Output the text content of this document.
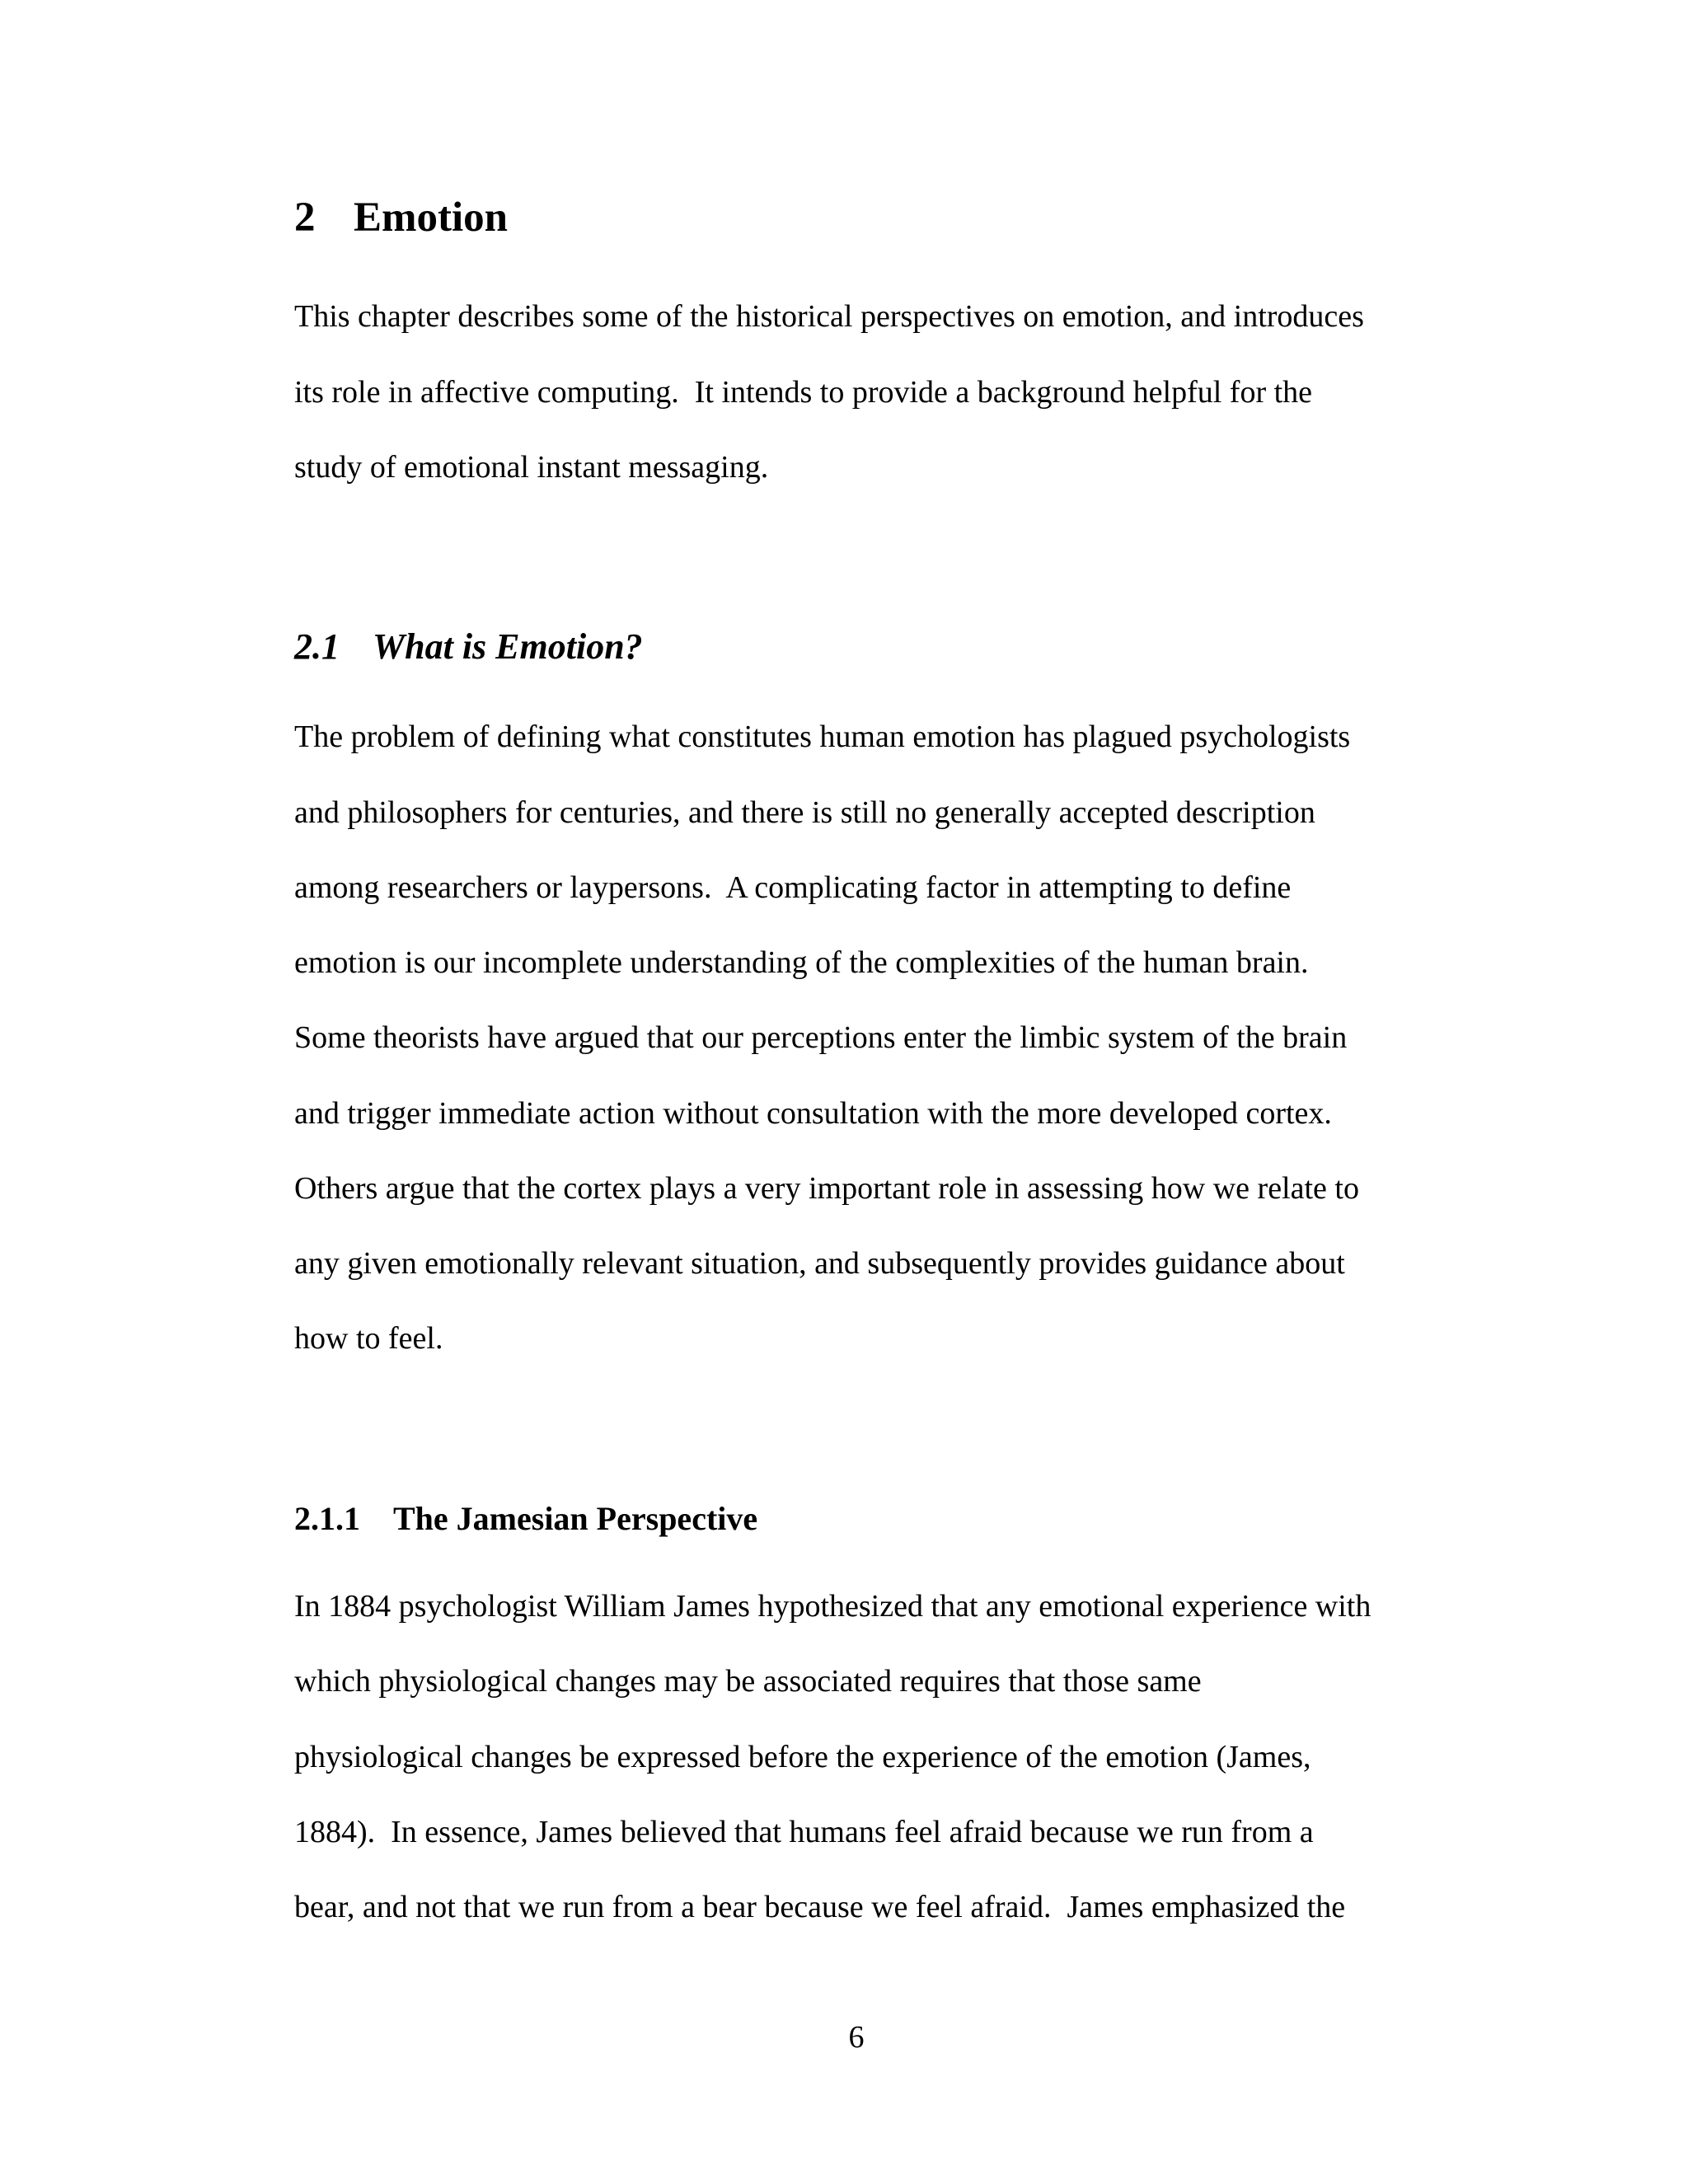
2 Emotion
This chapter describes some of the historical perspectives on emotion, and introduces
its role in affective computing.  It intends to provide a background helpful for the
study of emotional instant messaging.
2.1 What is Emotion?
The problem of defining what constitutes human emotion has plagued psychologists
and philosophers for centuries, and there is still no generally accepted description
among researchers or laypersons.  A complicating factor in attempting to define
emotion is our incomplete understanding of the complexities of the human brain.
Some theorists have argued that our perceptions enter the limbic system of the brain
and trigger immediate action without consultation with the more developed cortex.
Others argue that the cortex plays a very important role in assessing how we relate to
any given emotionally relevant situation, and subsequently provides guidance about
how to feel.
2.1.1 The Jamesian Perspective
In 1884 psychologist William James hypothesized that any emotional experience with
which physiological changes may be associated requires that those same
physiological changes be expressed before the experience of the emotion (James,
1884).  In essence, James believed that humans feel afraid because we run from a
bear, and not that we run from a bear because we feel afraid.  James emphasized the
6
